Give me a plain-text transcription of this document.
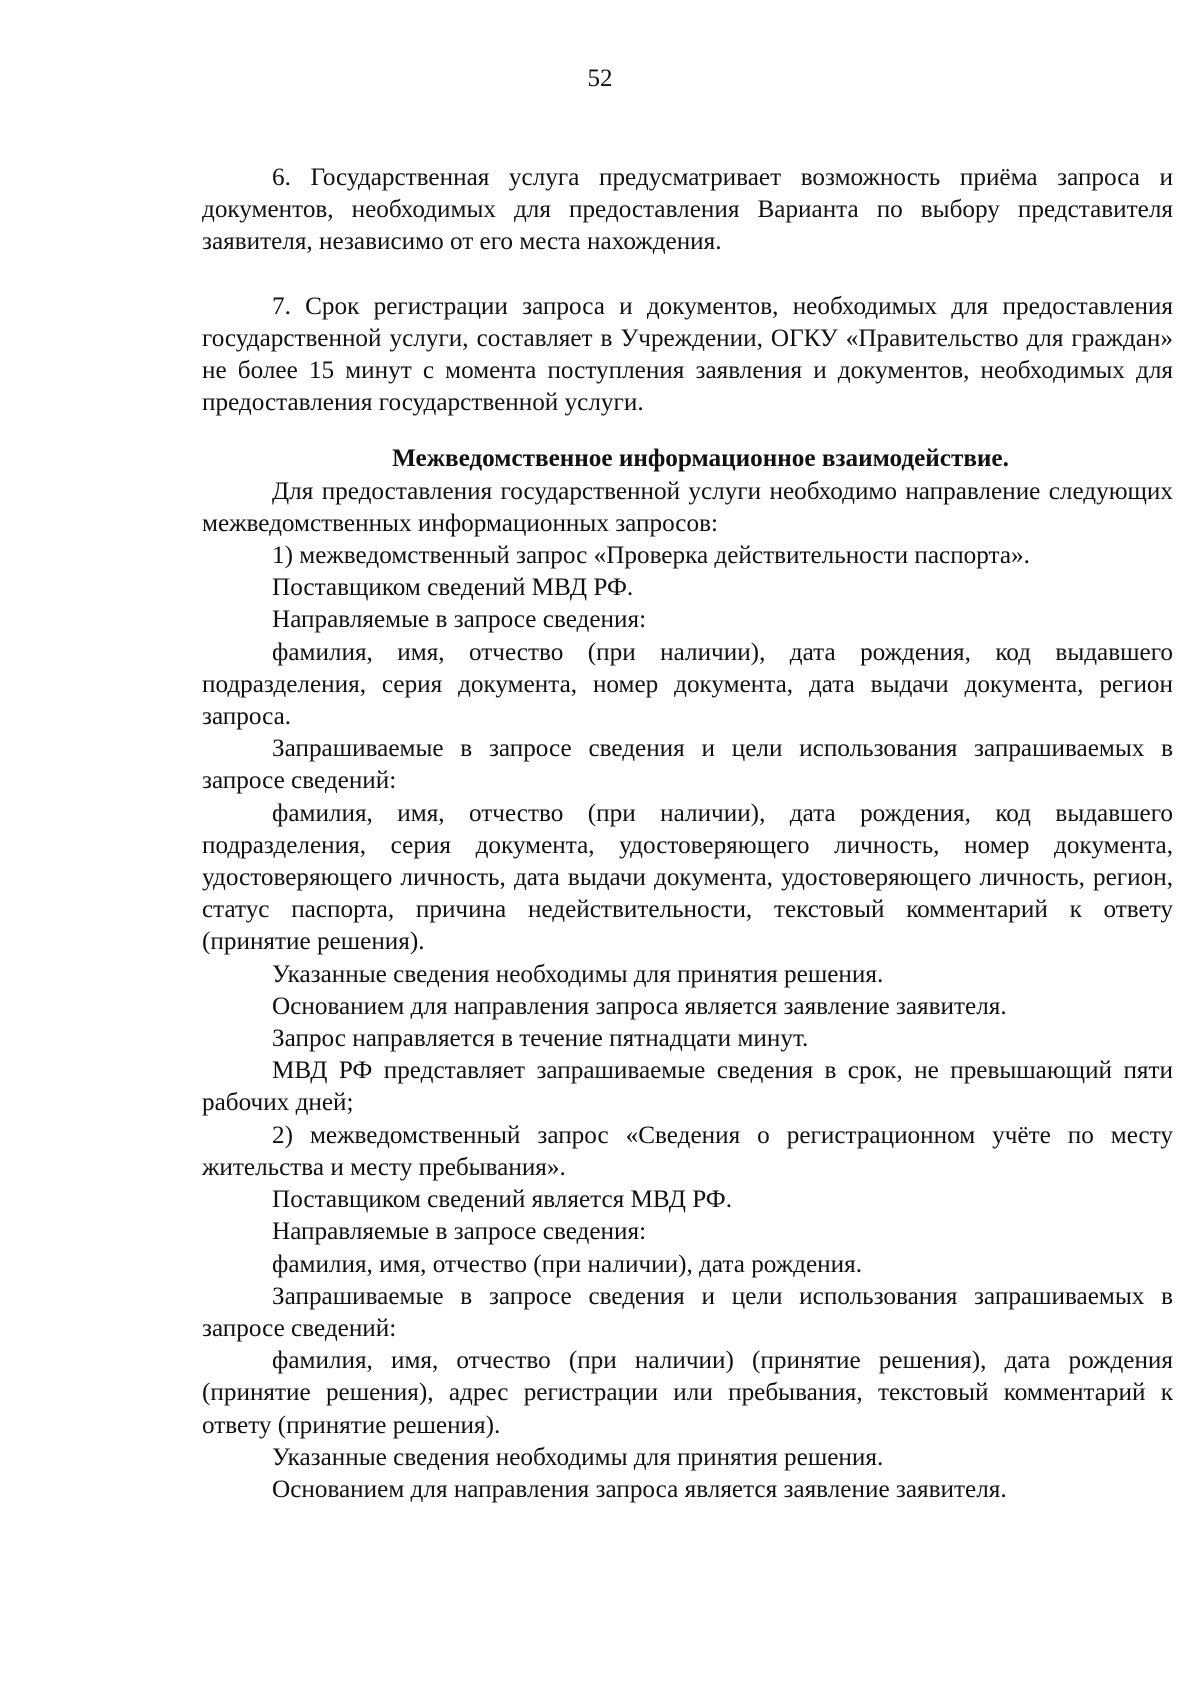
52

6. Государственная услуга предусматривает возможность приёма запроса и документов, необходимых для предоставления Варианта по выбору представителя заявителя, независимо от его места нахождения.

7. Срок регистрации запроса и документов, необходимых для предоставления государственной услуги, составляет в Учреждении, ОГКУ «Правительство для граждан» не более 15 минут с момента поступления заявления и документов, необходимых для предоставления государственной услуги.

Межведомственное информационное взаимодействие.

Для предоставления государственной услуги необходимо направление следующих межведомственных информационных запросов:

1) межведомственный запрос «Проверка действительности паспорта».

Поставщиком сведений МВД РФ.

Направляемые в запросе сведения:

фамилия, имя, отчество (при наличии), дата рождения, код выдавшего подразделения, серия документа, номер документа, дата выдачи документа, регион запроса.

Запрашиваемые в запросе сведения и цели использования запрашиваемых в запросе сведений:

фамилия, имя, отчество (при наличии), дата рождения, код выдавшего подразделения, серия документа, удостоверяющего личность, номер документа, удостоверяющего личность, дата выдачи документа, удостоверяющего личность, регион, статус паспорта, причина недействительности, текстовый комментарий к ответу (принятие решения).

Указанные сведения необходимы для принятия решения.

Основанием для направления запроса является заявление заявителя.

Запрос направляется в течение пятнадцати минут.

МВД РФ представляет запрашиваемые сведения в срок, не превышающий пяти рабочих дней;

2) межведомственный запрос «Сведения о регистрационном учёте по месту жительства и месту пребывания».

Поставщиком сведений является МВД РФ.

Направляемые в запросе сведения:

фамилия, имя, отчество (при наличии), дата рождения.

Запрашиваемые в запросе сведения и цели использования запрашиваемых в запросе сведений:

фамилия, имя, отчество (при наличии) (принятие решения), дата рождения (принятие решения), адрес регистрации или пребывания, текстовый комментарий к ответу (принятие решения).

Указанные сведения необходимы для принятия решения.

Основанием для направления запроса является заявление заявителя.
